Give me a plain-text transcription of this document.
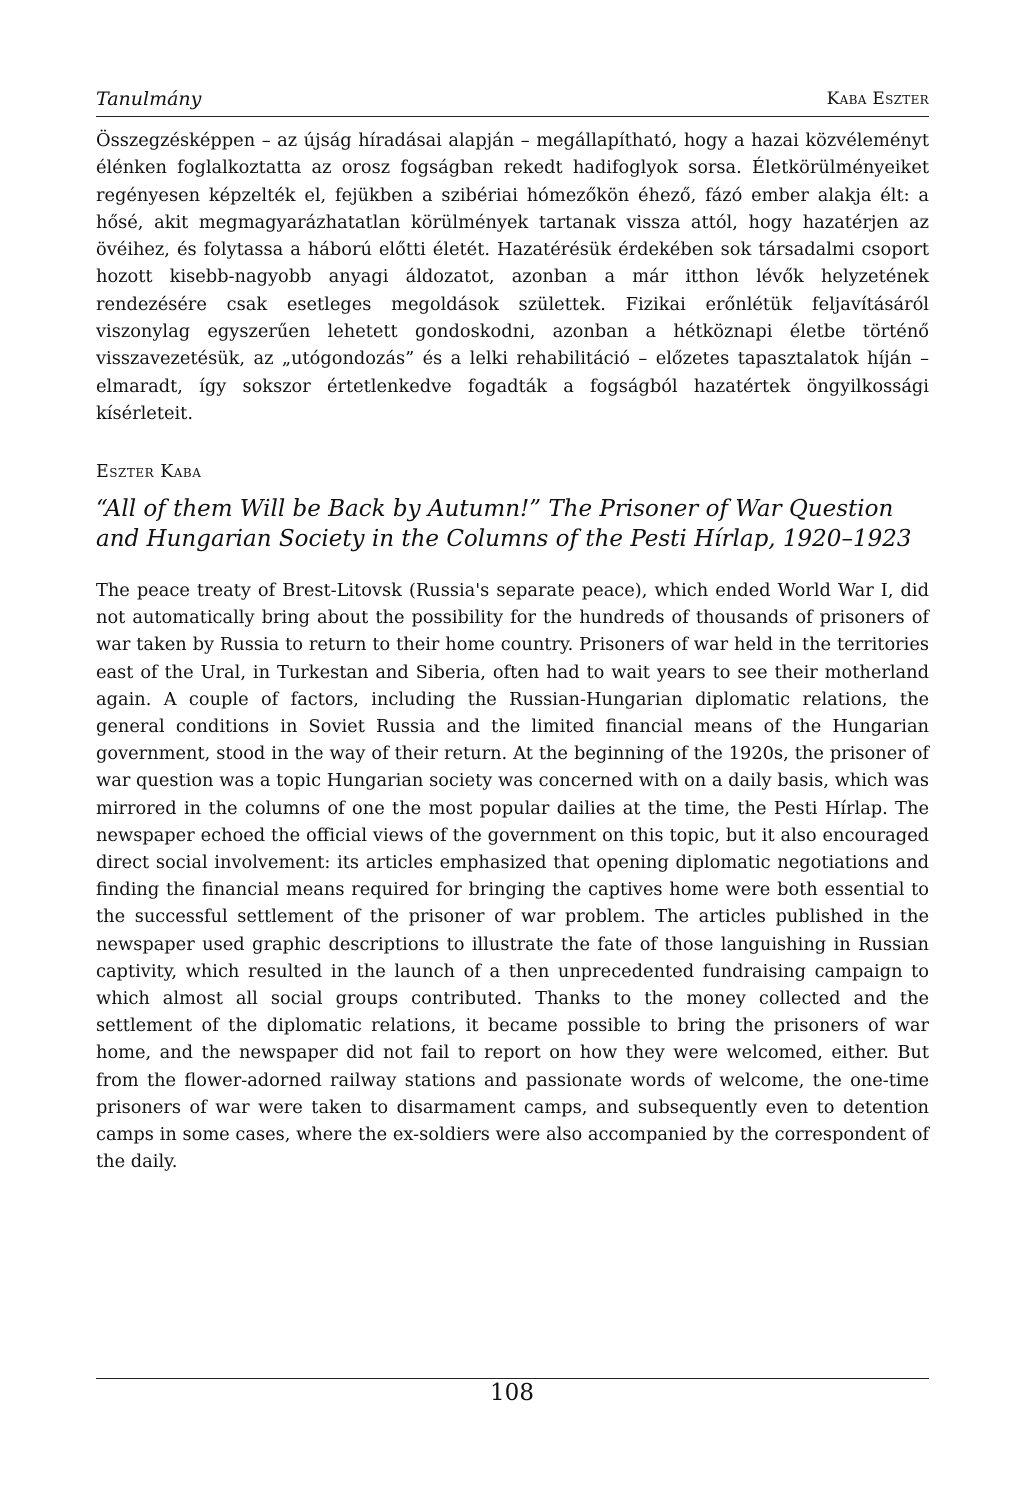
Tanulmány	Kaba Eszter

Összegzésképpen – az újság híradásai alapján – megállapítható, hogy a hazai közvéleményt élénken foglalkoztatta az orosz fogságban rekedt hadifoglyok sorsa. Életkörülményeiket regényesen képzelték el, fejükben a szibériai hómezőkön éhező, fázó ember alakja élt: a hősé, akit megmagyarázhatatlan körülmények tartanak vissza attól, hogy hazatérjen az övéihez, és folytassa a háború előtti életét. Hazatérésük érdekében sok társadalmi csoport hozott kisebb-nagyobb anyagi áldozatot, azonban a már itthon lévők helyzetének rendezésére csak esetleges megoldások születtek. Fizikai erőnlétük feljavításáról viszonylag egyszerűen lehetett gondoskodni, azonban a hétköznapi életbe történő visszavezetésük, az „utógondozás” és a lelki rehabilitáció – előzetes tapasztalatok híján – elmaradt, így sokszor értetlenkedve fogadták a fogságból hazatértek öngyilkossági kísérleteit.

Eszter Kaba
“All of them Will be Back by Autumn!” The Prisoner of War Question and Hungarian Society in the Columns of the Pesti Hírlap, 1920–1923

The peace treaty of Brest-Litovsk (Russia's separate peace), which ended World War I, did not automatically bring about the possibility for the hundreds of thousands of prisoners of war taken by Russia to return to their home country. Prisoners of war held in the territories east of the Ural, in Turkestan and Siberia, often had to wait years to see their motherland again. A couple of factors, including the Russian-Hungarian diplomatic relations, the general conditions in Soviet Russia and the limited financial means of the Hungarian government, stood in the way of their return. At the beginning of the 1920s, the prisoner of war question was a topic Hungarian society was concerned with on a daily basis, which was mirrored in the columns of one the most popular dailies at the time, the Pesti Hírlap. The newspaper echoed the official views of the government on this topic, but it also encouraged direct social involvement: its articles emphasized that opening diplomatic negotiations and finding the financial means required for bringing the captives home were both essential to the successful settlement of the prisoner of war problem. The articles published in the newspaper used graphic descriptions to illustrate the fate of those languishing in Russian captivity, which resulted in the launch of a then unprecedented fundraising campaign to which almost all social groups contributed. Thanks to the money collected and the settlement of the diplomatic relations, it became possible to bring the prisoners of war home, and the newspaper did not fail to report on how they were welcomed, either. But from the flower-adorned railway stations and passionate words of welcome, the one-time prisoners of war were taken to disarmament camps, and subsequently even to detention camps in some cases, where the ex-soldiers were also accompanied by the correspondent of the daily.

108
